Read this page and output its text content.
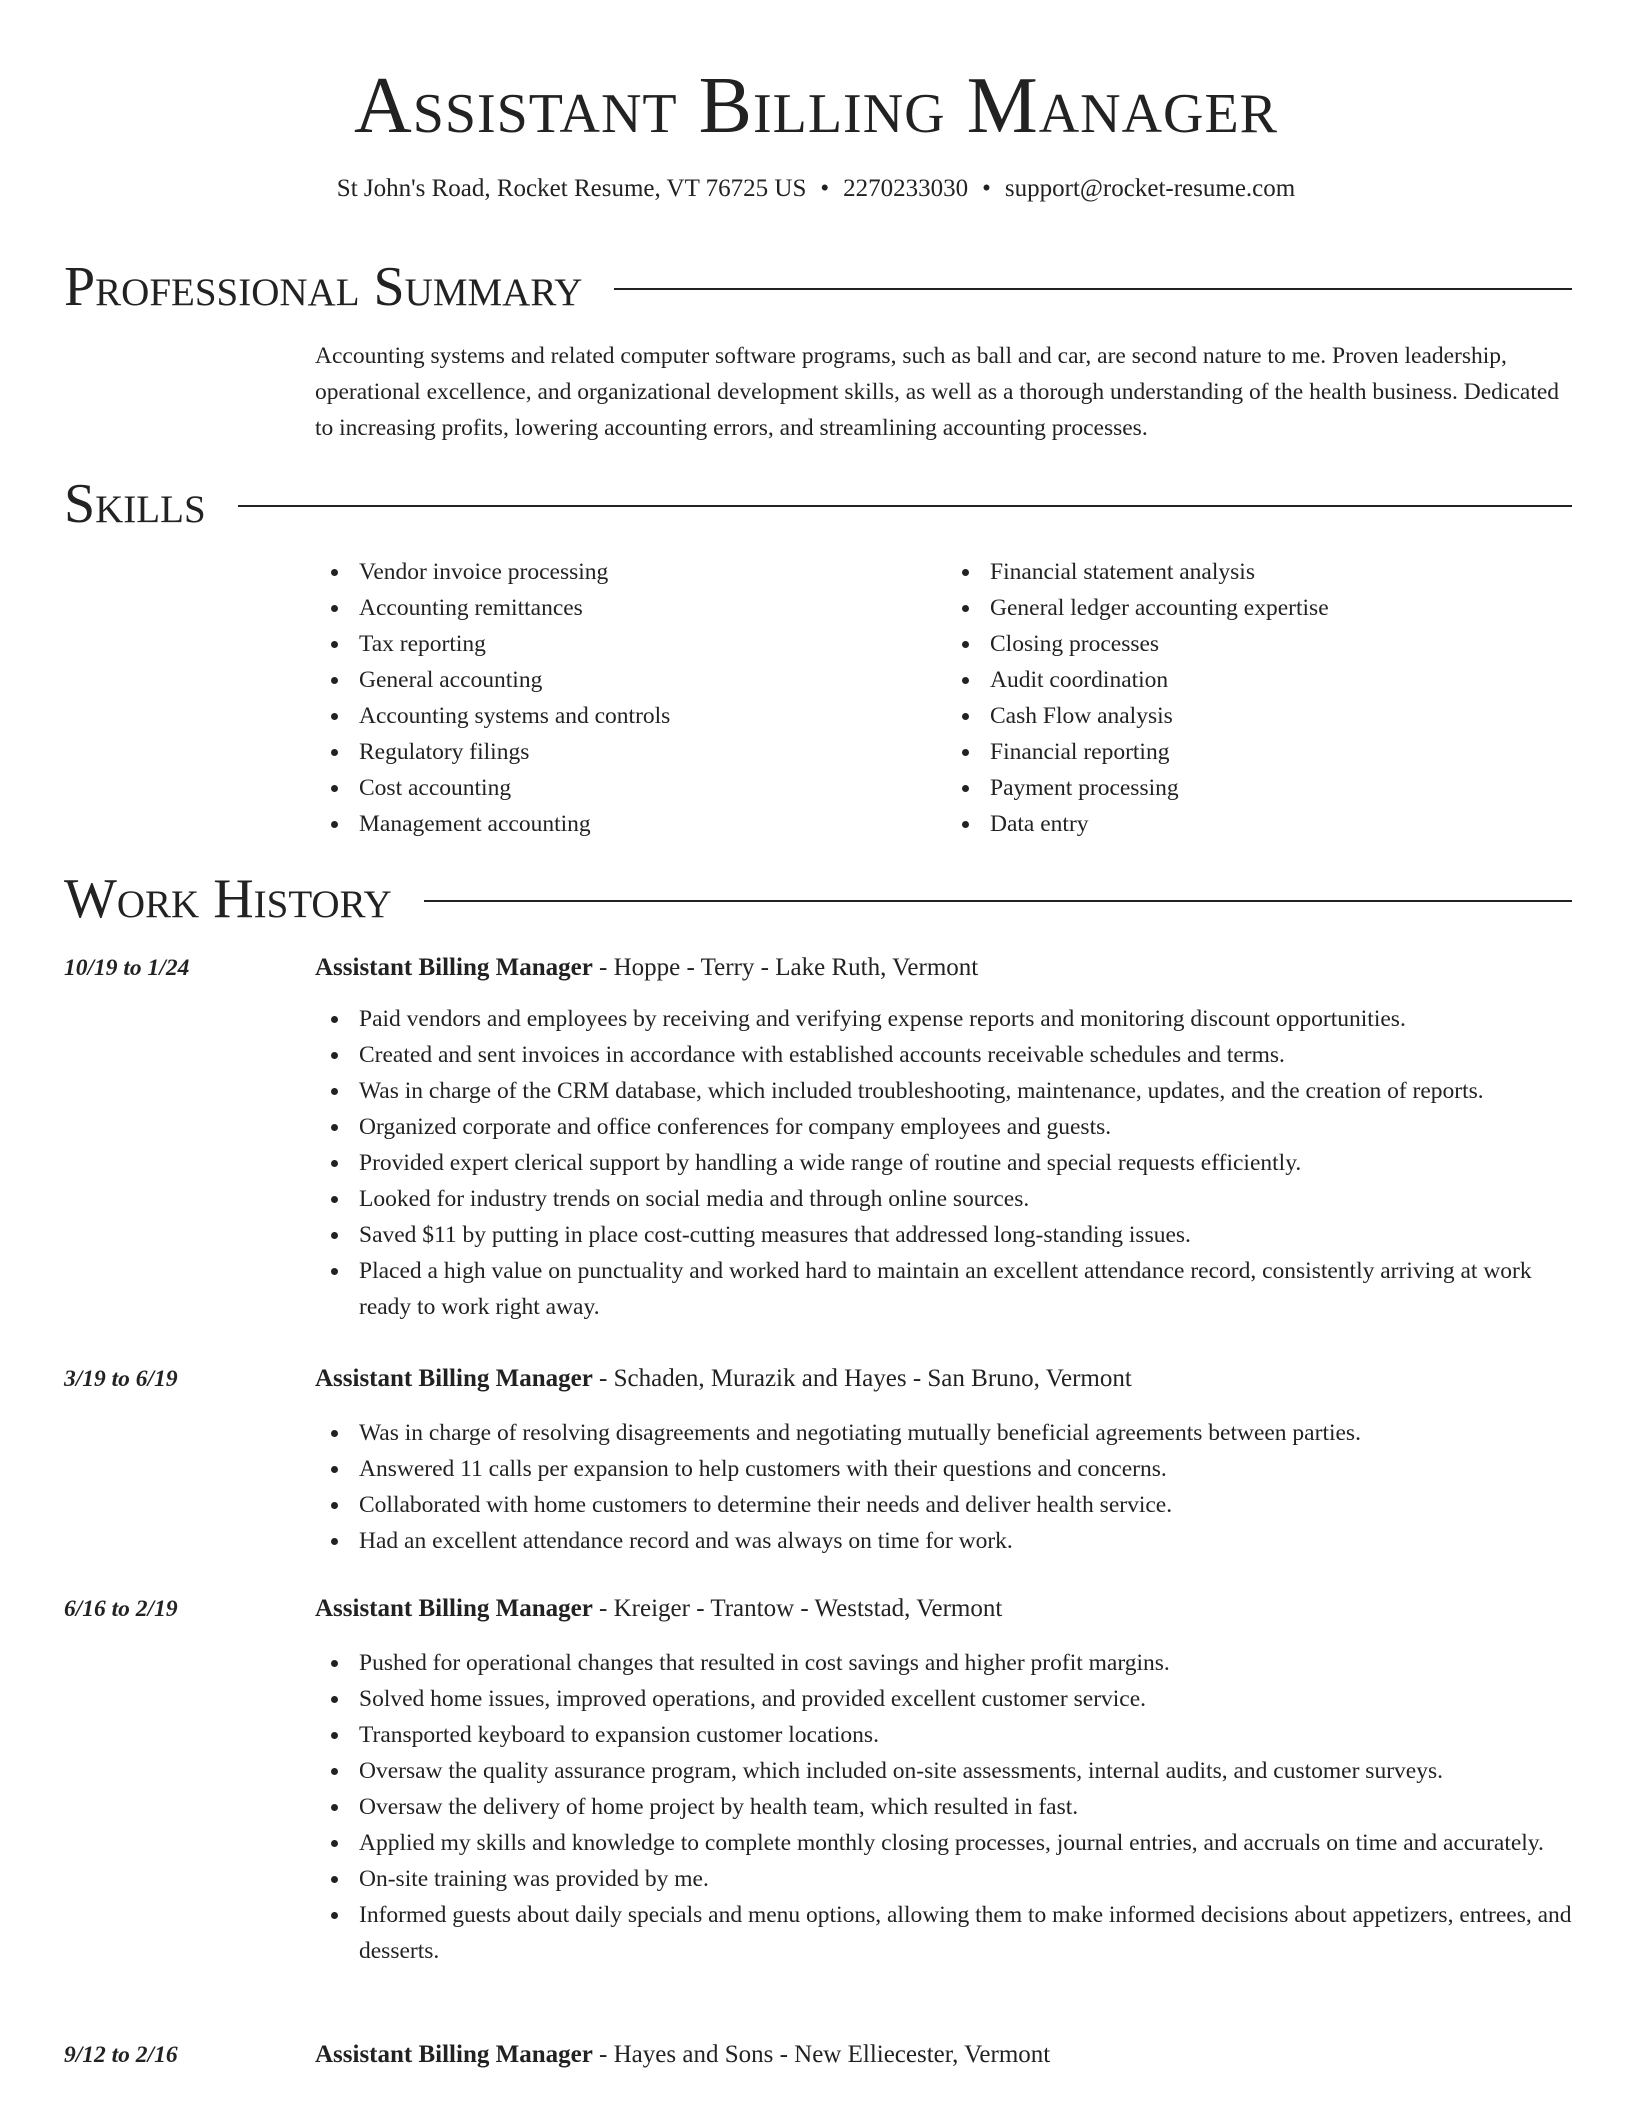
Assistant Billing Manager
St John's Road, Rocket Resume, VT 76725 US • 2270233030 • support@rocket-resume.com
Professional Summary

Accounting systems and related computer software programs, such as ball and car, are second nature to me. Proven leadership, operational excellence, and organizational development skills, as well as a thorough understanding of the health business. Dedicated to increasing profits, lowering accounting errors, and streamlining accounting processes.

Skills
Vendor invoice processing
Accounting remittances
Tax reporting
General accounting
Accounting systems and controls
Regulatory filings
Cost accounting
Management accounting
Financial statement analysis
General ledger accounting expertise
Closing processes
Audit coordination
Cash Flow analysis
Financial reporting
Payment processing
Data entry
Work History
10/19 to 1/24	Assistant Billing Manager - Hoppe - Terry - Lake Ruth, Vermont
Paid vendors and employees by receiving and verifying expense reports and monitoring discount opportunities.
Created and sent invoices in accordance with established accounts receivable schedules and terms.
Was in charge of the CRM database, which included troubleshooting, maintenance, updates, and the creation of reports.
Organized corporate and office conferences for company employees and guests.
Provided expert clerical support by handling a wide range of routine and special requests efficiently.
Looked for industry trends on social media and through online sources.
Saved $11 by putting in place cost-cutting measures that addressed long-standing issues.
Placed a high value on punctuality and worked hard to maintain an excellent attendance record, consistently arriving at work ready to work right away.
3/19 to 6/19	Assistant Billing Manager - Schaden, Murazik and Hayes - San Bruno, Vermont
Was in charge of resolving disagreements and negotiating mutually beneficial agreements between parties.
Answered 11 calls per expansion to help customers with their questions and concerns.
Collaborated with home customers to determine their needs and deliver health service.
Had an excellent attendance record and was always on time for work.
6/16 to 2/19	Assistant Billing Manager - Kreiger - Trantow - Weststad, Vermont
Pushed for operational changes that resulted in cost savings and higher profit margins.
Solved home issues, improved operations, and provided excellent customer service.
Transported keyboard to expansion customer locations.
Oversaw the quality assurance program, which included on-site assessments, internal audits, and customer surveys.
Oversaw the delivery of home project by health team, which resulted in fast.
Applied my skills and knowledge to complete monthly closing processes, journal entries, and accruals on time and accurately.
On-site training was provided by me.
Informed guests about daily specials and menu options, allowing them to make informed decisions about appetizers, entrees, and desserts.
9/12 to 2/16	Assistant Billing Manager - Hayes and Sons - New Elliecester, Vermont
